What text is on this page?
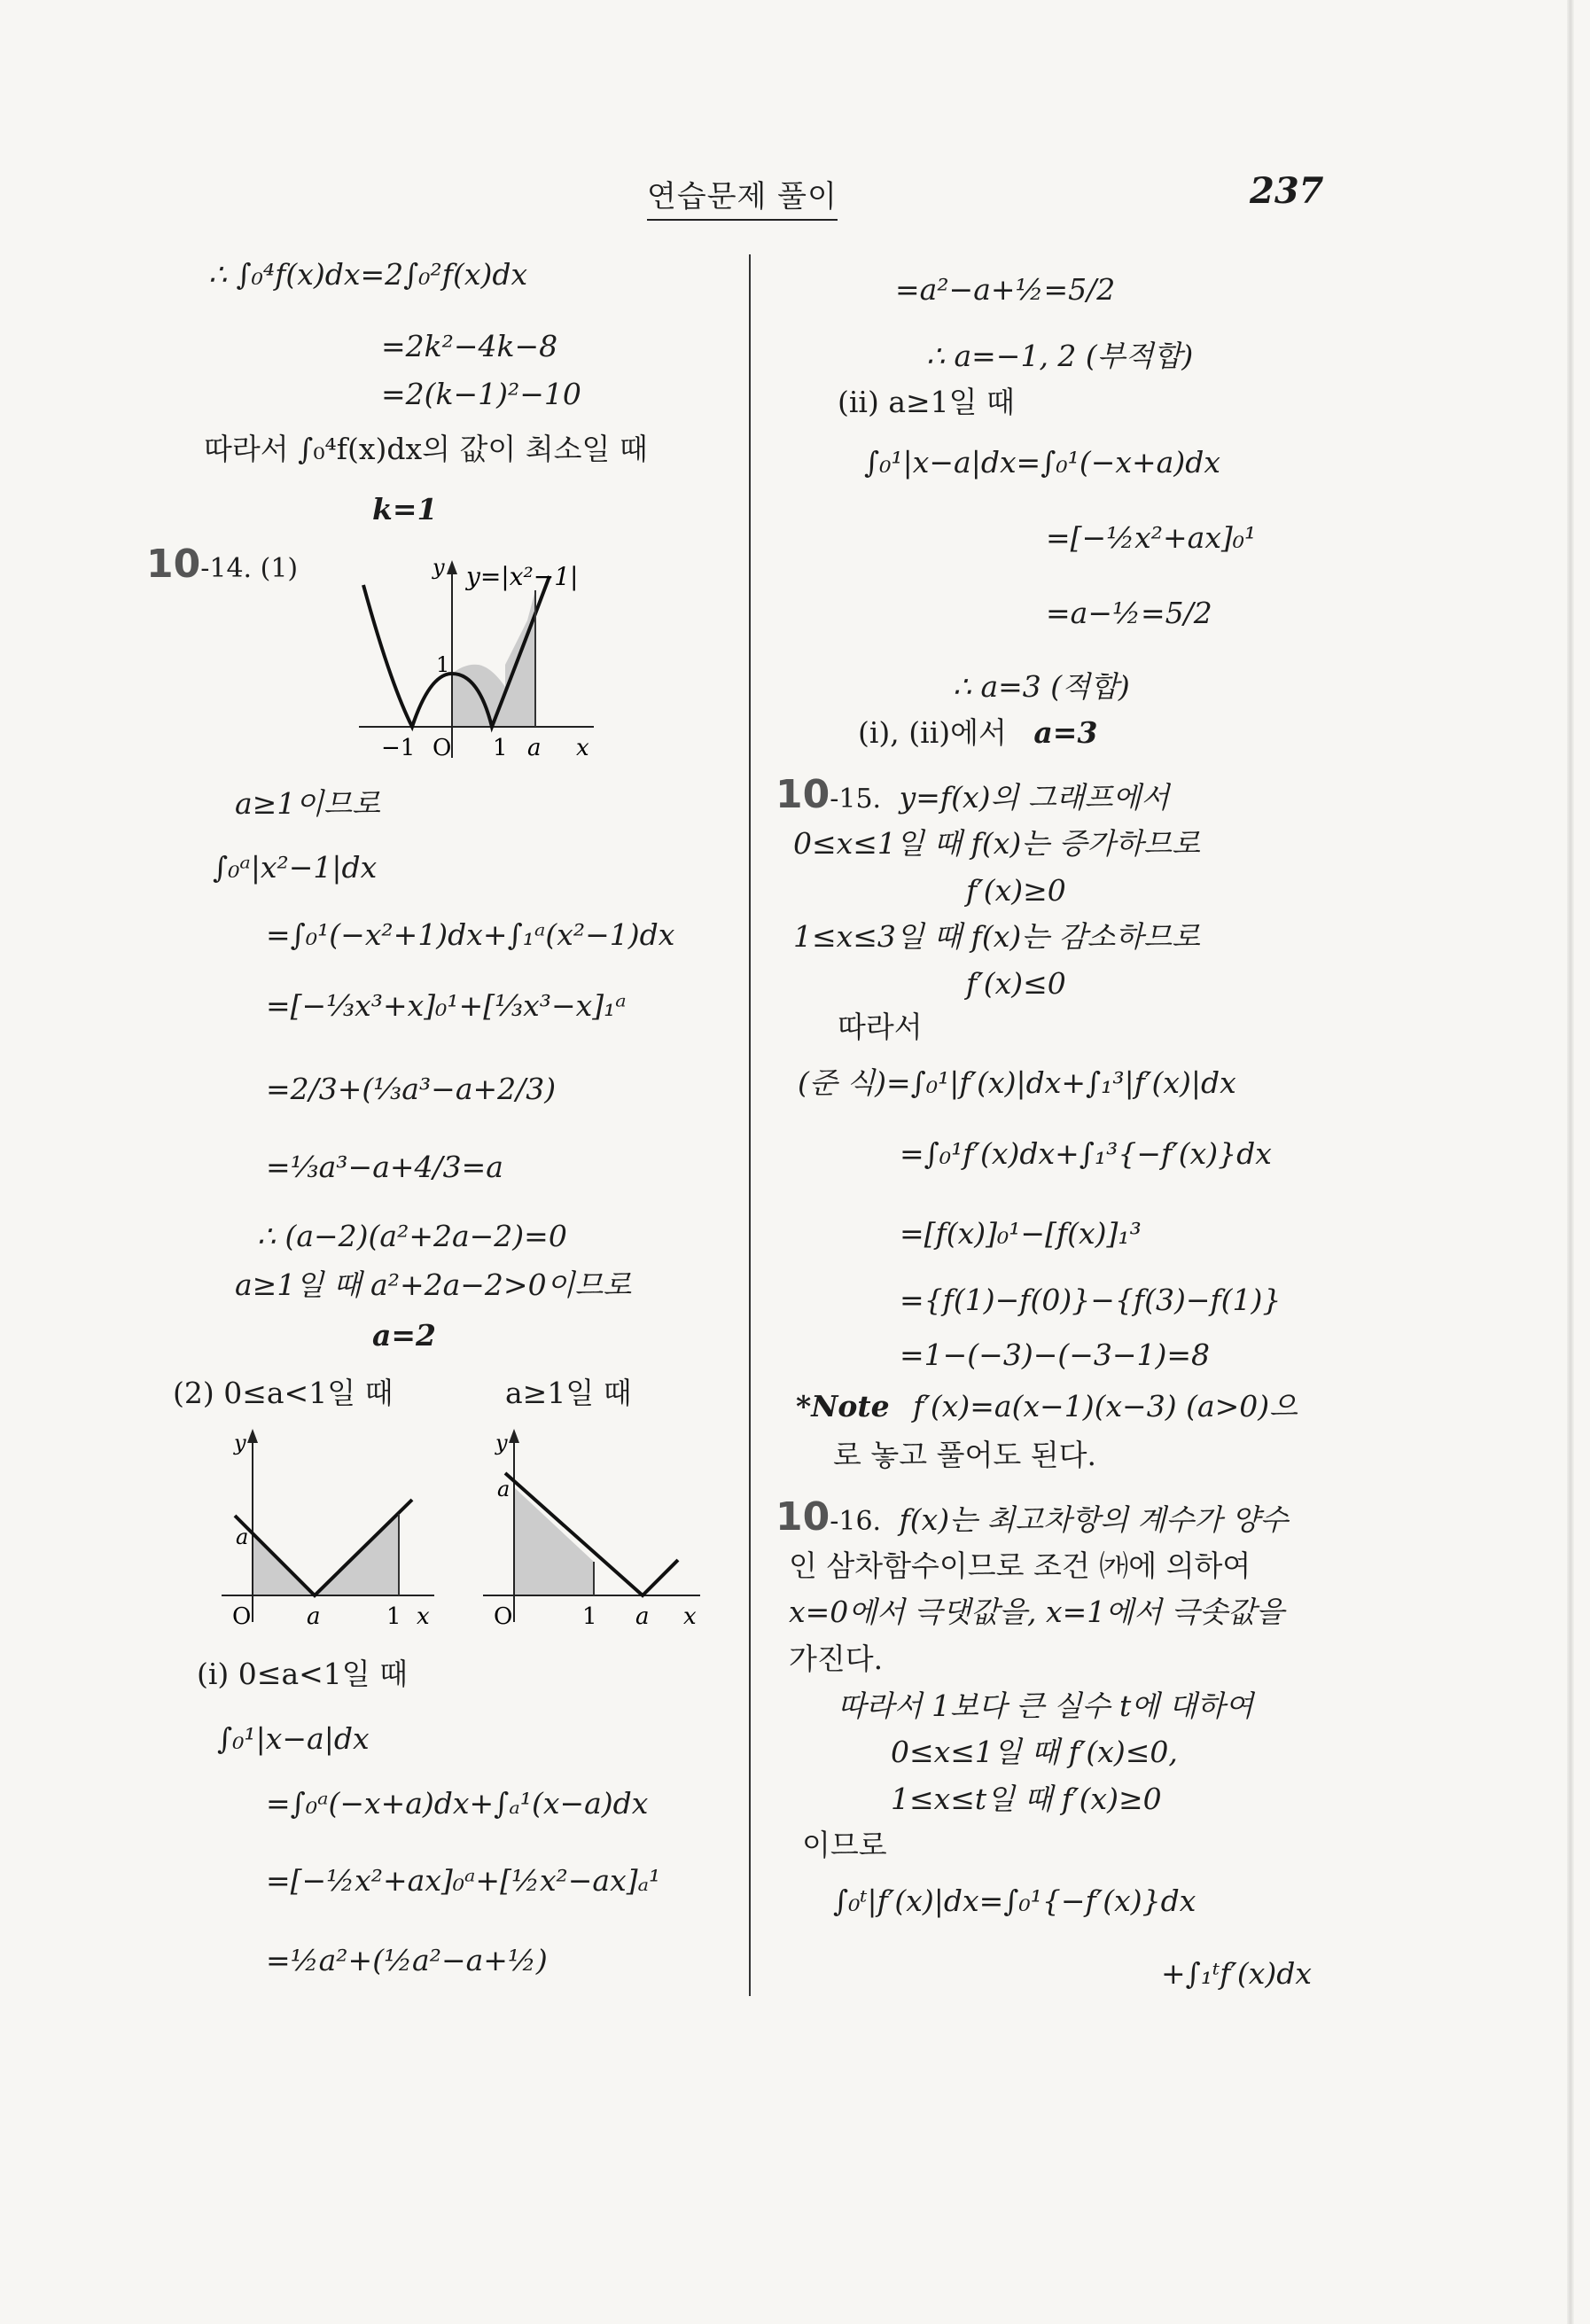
연습문제 풀이	237
∴ ∫₀⁴f(x)dx=2∫₀²f(x)dx
=2k²−4k−8
=2(k−1)²−10
따라서 ∫₀⁴f(x)dx의 값이 최소일 때
k=1
10-14. (1)	y y=|x²−1|
1
−1 O 1 a x
a≥1이므로
∫₀ᵃ|x²−1|dx
=∫₀¹(−x²+1)dx+∫₁ᵃ(x²−1)dx
=[−⅓x³+x]₀¹+[⅓x³−x]₁ᵃ
=2/3+(⅓a³−a+2/3)
=⅓a³−a+4/3=a
∴ (a−2)(a²+2a−2)=0
a≥1일 때 a²+2a−2>0이므로
a=2
(2) 0≤a<1일 때	a≥1일 때
y
a
O a	1 x
y
a
O	1 a x
(i) 0≤a<1일 때
∫₀¹|x−a|dx
=∫₀ᵃ(−x+a)dx+∫ₐ¹(x−a)dx
=[−½x²+ax]₀ᵃ+[½x²−ax]ₐ¹
=½a²+(½a²−a+½)
=a²−a+½=5/2
∴ a=−1, 2 (부적합)
(ii) a≥1일 때
∫₀¹|x−a|dx=∫₀¹(−x+a)dx
=[−½x²+ax]₀¹
=a−½=5/2
∴ a=3 (적합)
(i), (ii)에서 a=3
10-15. y=f(x)의 그래프에서
0≤x≤1일 때 f(x)는 증가하므로
f′(x)≥0
1≤x≤3일 때 f(x)는 감소하므로
f′(x)≤0
따라서
(준 식)=∫₀¹|f′(x)|dx+∫₁³|f′(x)|dx
=∫₀¹f′(x)dx+∫₁³{−f′(x)}dx
=[f(x)]₀¹−[f(x)]₁³
={f(1)−f(0)}−{f(3)−f(1)}
=1−(−3)−(−3−1)=8
*Note f′(x)=a(x−1)(x−3) (a>0)으
로 놓고 풀어도 된다.
10-16. f(x)는 최고차항의 계수가 양수
인 삼차함수이므로 조건 ㈎에 의하여
x=0에서 극댓값을, x=1에서 극솟값을
가진다.
따라서 1보다 큰 실수 t에 대하여
0≤x≤1일 때 f′(x)≤0,
1≤x≤t일 때 f′(x)≥0
이므로
∫₀ᵗ|f′(x)|dx=∫₀¹{−f′(x)}dx
+∫₁ᵗf′(x)dx
